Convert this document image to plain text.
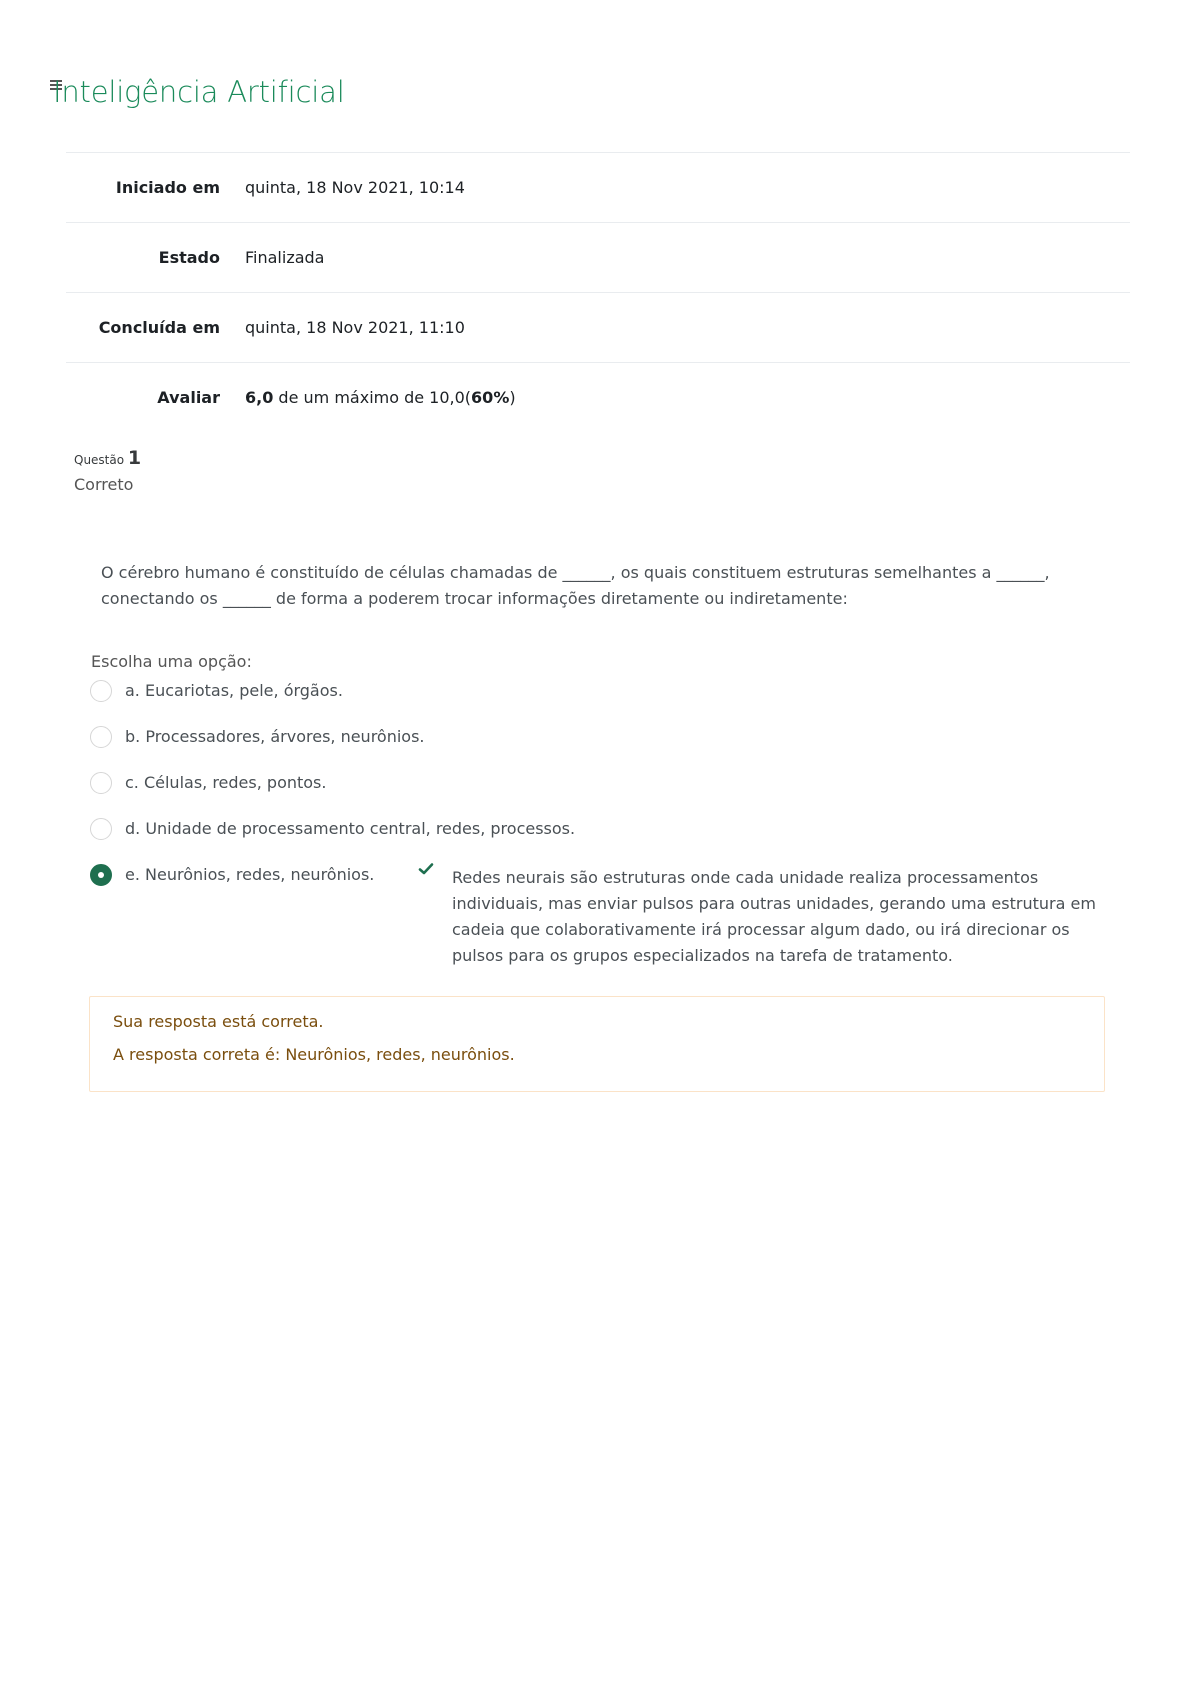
Inteligência Artificial
Iniciado em	quinta, 18 Nov 2021, 10:14
Estado	Finalizada
Concluída em	quinta, 18 Nov 2021, 11:10
Avaliar	6,0 de um máximo de 10,0(60%)
Questão 1
Correto
O cérebro humano é constituído de células chamadas de ______, os quais constituem estruturas semelhantes a ______, conectando os ______ de forma a poderem trocar informações diretamente ou indiretamente:
Escolha uma opção:
a. Eucariotas, pele, órgãos.
b. Processadores, árvores, neurônios.
c. Células, redes, pontos.
d. Unidade de processamento central, redes, processos.
e. Neurônios, redes, neurônios.	Redes neurais são estruturas onde cada unidade realiza processamentos individuais, mas enviar pulsos para outras unidades, gerando uma estrutura em cadeia que colaborativamente irá processar algum dado, ou irá direcionar os pulsos para os grupos especializados na tarefa de tratamento.

Sua resposta está correta.

A resposta correta é: Neurônios, redes, neurônios.
